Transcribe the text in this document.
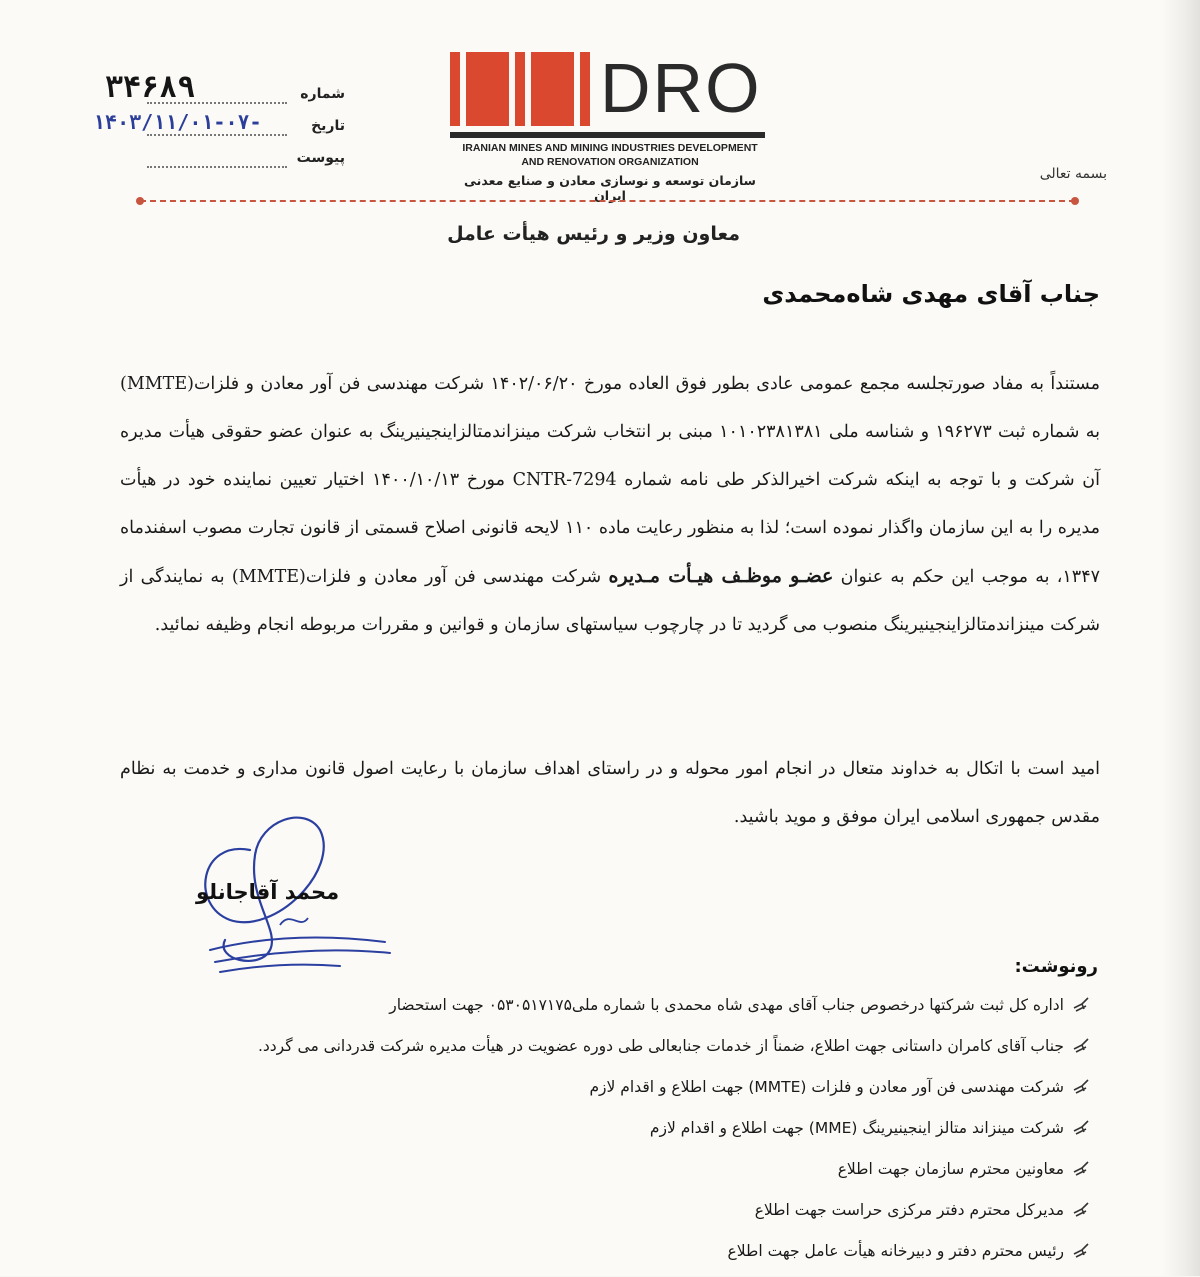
شماره
۳۴۶۸۹
تاریخ
۱۴۰۳/۱۱/۰۱-۰۷-
پیوست
DRO
IRANIAN MINES AND MINING INDUSTRIES DEVELOPMENT
AND RENOVATION ORGANIZATION
سازمان توسعه و نوسازی معادن و صنایع معدنی ایران
بسمه تعالی
معاون وزیر و رئیس هیأت عامل
جناب آقای مهدی شاه‌محمدی
مستنداً به مفاد صورتجلسه مجمع عمومی عادی بطور فوق العاده مورخ ۱۴۰۲/۰۶/۲۰ شرکت مهندسی فن آور معادن و فلزات(MMTE) به شماره ثبت ۱۹۶۲۷۳ و شناسه ملی ۱۰۱۰۲۳۸۱۳۸۱ مبنی بر انتخاب شرکت مینزاندمتالزاینجینیرینگ به عنوان عضو حقوقی هیأت مدیره آن شرکت و با توجه به اینکه شرکت اخیرالذکر طی نامه شماره CNTR-7294 مورخ ۱۴۰۰/۱۰/۱۳ اختیار تعیین نماینده خود در هیأت مدیره را به این سازمان واگذار نموده است؛ لذا به منظور رعایت ماده ۱۱۰ لایحه قانونی اصلاح قسمتی از قانون تجارت مصوب اسفندماه ۱۳۴۷، به موجب این حکم به عنوان عضـو موظـف هیـأت مـدیره شرکت مهندسی فن آور معادن و فلزات(MMTE) به نمایندگی از شرکت مینزاندمتالزاینجینیرینگ منصوب می گردید تا در چارچوب سیاستهای سازمان و قوانین و مقررات مربوطه انجام وظیفه نمائید.
امید است با اتکال به خداوند متعال در انجام امور محوله و در راستای اهداف سازمان با رعایت اصول قانون مداری و خدمت به نظام مقدس جمهوری اسلامی ایران موفق و موید باشید.
محمد آقاجانلو
رونوشت:
اداره کل ثبت شرکتها درخصوص جناب آقای مهدی شاه محمدی با شماره ملی۰۵۳۰۵۱۷۱۷۵ جهت استحضار
جناب آقای کامران داستانی جهت اطلاع، ضمناً از خدمات جنابعالی طی دوره عضویت در هیأت مدیره شرکت قدردانی می گردد.
شرکت مهندسی فن آور معادن و فلزات (MMTE) جهت اطلاع و اقدام لازم
شرکت مینزاند متالز اینجینیرینگ (MME) جهت اطلاع و اقدام لازم
معاونین محترم سازمان جهت اطلاع
مدیرکل محترم دفتر مرکزی حراست جهت اطلاع
رئیس محترم دفتر و دبیرخانه هیأت عامل جهت اطلاع
